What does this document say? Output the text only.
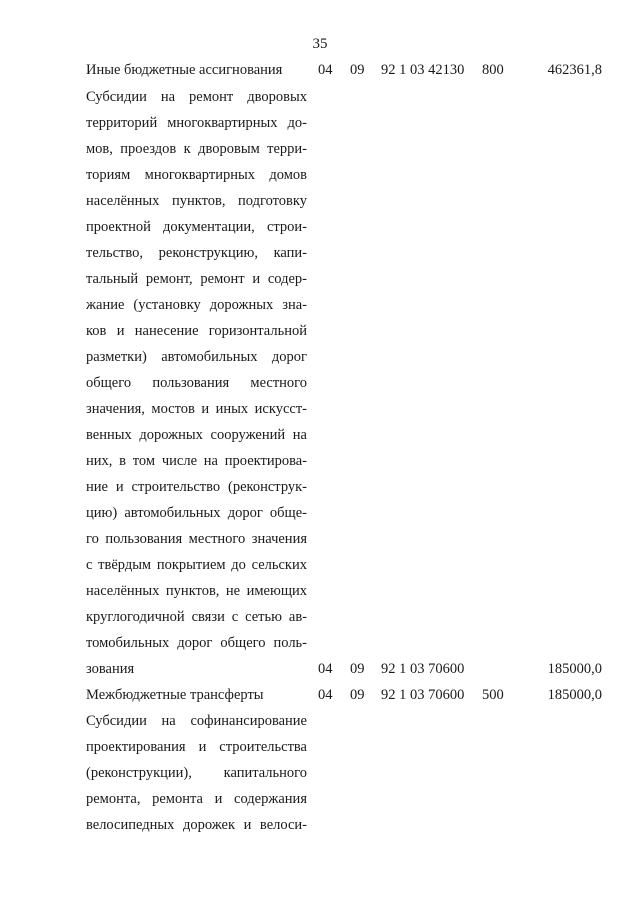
35
Иные бюджетные ассигнования 04 09 92 1 03 42130 800	462361,8
Субсидии на ремонт дворовых
территорий многоквартирных до-
мов, проездов к дворовым терри-
ториям многоквартирных домов
населённых пунктов, подготовку
проектной документации, строи-
тельство, реконструкцию, капи-
тальный ремонт, ремонт и содер-
жание (установку дорожных зна-
ков и нанесение горизонтальной
разметки) автомобильных дорог
общего пользования местного
значения, мостов и иных искусст-
венных дорожных сооружений на
них, в том числе на проектирова-
ние и строительство (реконструк-
цию) автомобильных дорог обще-
го пользования местного значения
с твёрдым покрытием до сельских
населённых пунктов, не имеющих
круглогодичной связи с сетью ав-
томобильных дорог общего поль-
зования	04 09 92 1 03 70600	185000,0
Межбюджетные трансферты	04 09 92 1 03 70600 500	185000,0
Субсидии на софинансирование
проектирования и строительства
(реконструкции), капитального
ремонта, ремонта и содержания
велосипедных дорожек и велоси-
